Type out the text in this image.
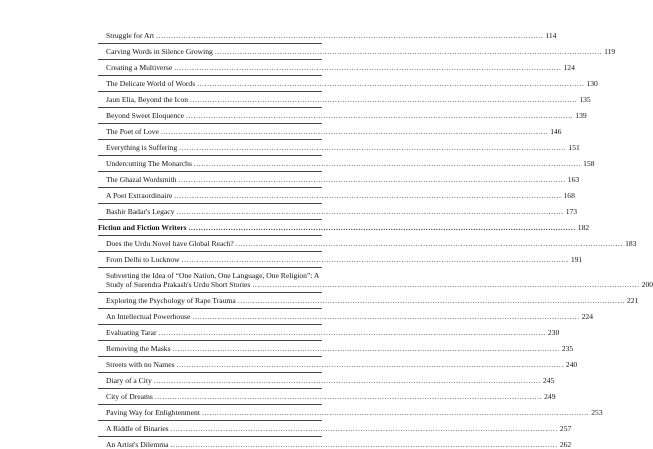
Struggle for Art ........................................................................................................................................................... 114
Carving Words in Silence Growing ........................................................................................................................................................... 119
Creating a Multiverse ........................................................................................................................................................... 124
The Delicate World of Words ........................................................................................................................................................... 130
Jaun Elia, Beyond the Icon ........................................................................................................................................................... 135
Beyond Sweet Eloquence ........................................................................................................................................................... 139
The Poet of Love ........................................................................................................................................................... 146
Everything is Suffering ........................................................................................................................................................... 151
Undercutting The Monarchs ........................................................................................................................................................... 158
The Ghazal Wordsmith ........................................................................................................................................................... 163
A Poet Extraordinaire ........................................................................................................................................................... 168
Bashir Badar's Legacy ........................................................................................................................................................... 173
Fiction and Fiction Writers ........................................................................................................................................................... 182
Does the Urdu Novel have Global Reach? ........................................................................................................................................................... 183
From Delhi to Lucknow ........................................................................................................................................................... 191
Subverting the Idea of “One Nation, One Language, One Religion”: A
Study of Surendra Prakash's Urdu Short Stories ........................................................................................................................................................... 200
Exploring the Psychology of Rape Trauma ........................................................................................................................................................... 221
An Intellectual Powerhouse ........................................................................................................................................................... 224
Evaluating Tarar ........................................................................................................................................................... 230
Removing the Masks ........................................................................................................................................................... 235
Streets with no Names ........................................................................................................................................................... 240
Diary of a City ........................................................................................................................................................... 245
City of Dreams ........................................................................................................................................................... 249
Paving Way for Enlightenment ........................................................................................................................................................... 253
A Riddle of Binaries ........................................................................................................................................................... 257
An Artist's Dilemma ........................................................................................................................................................... 262
